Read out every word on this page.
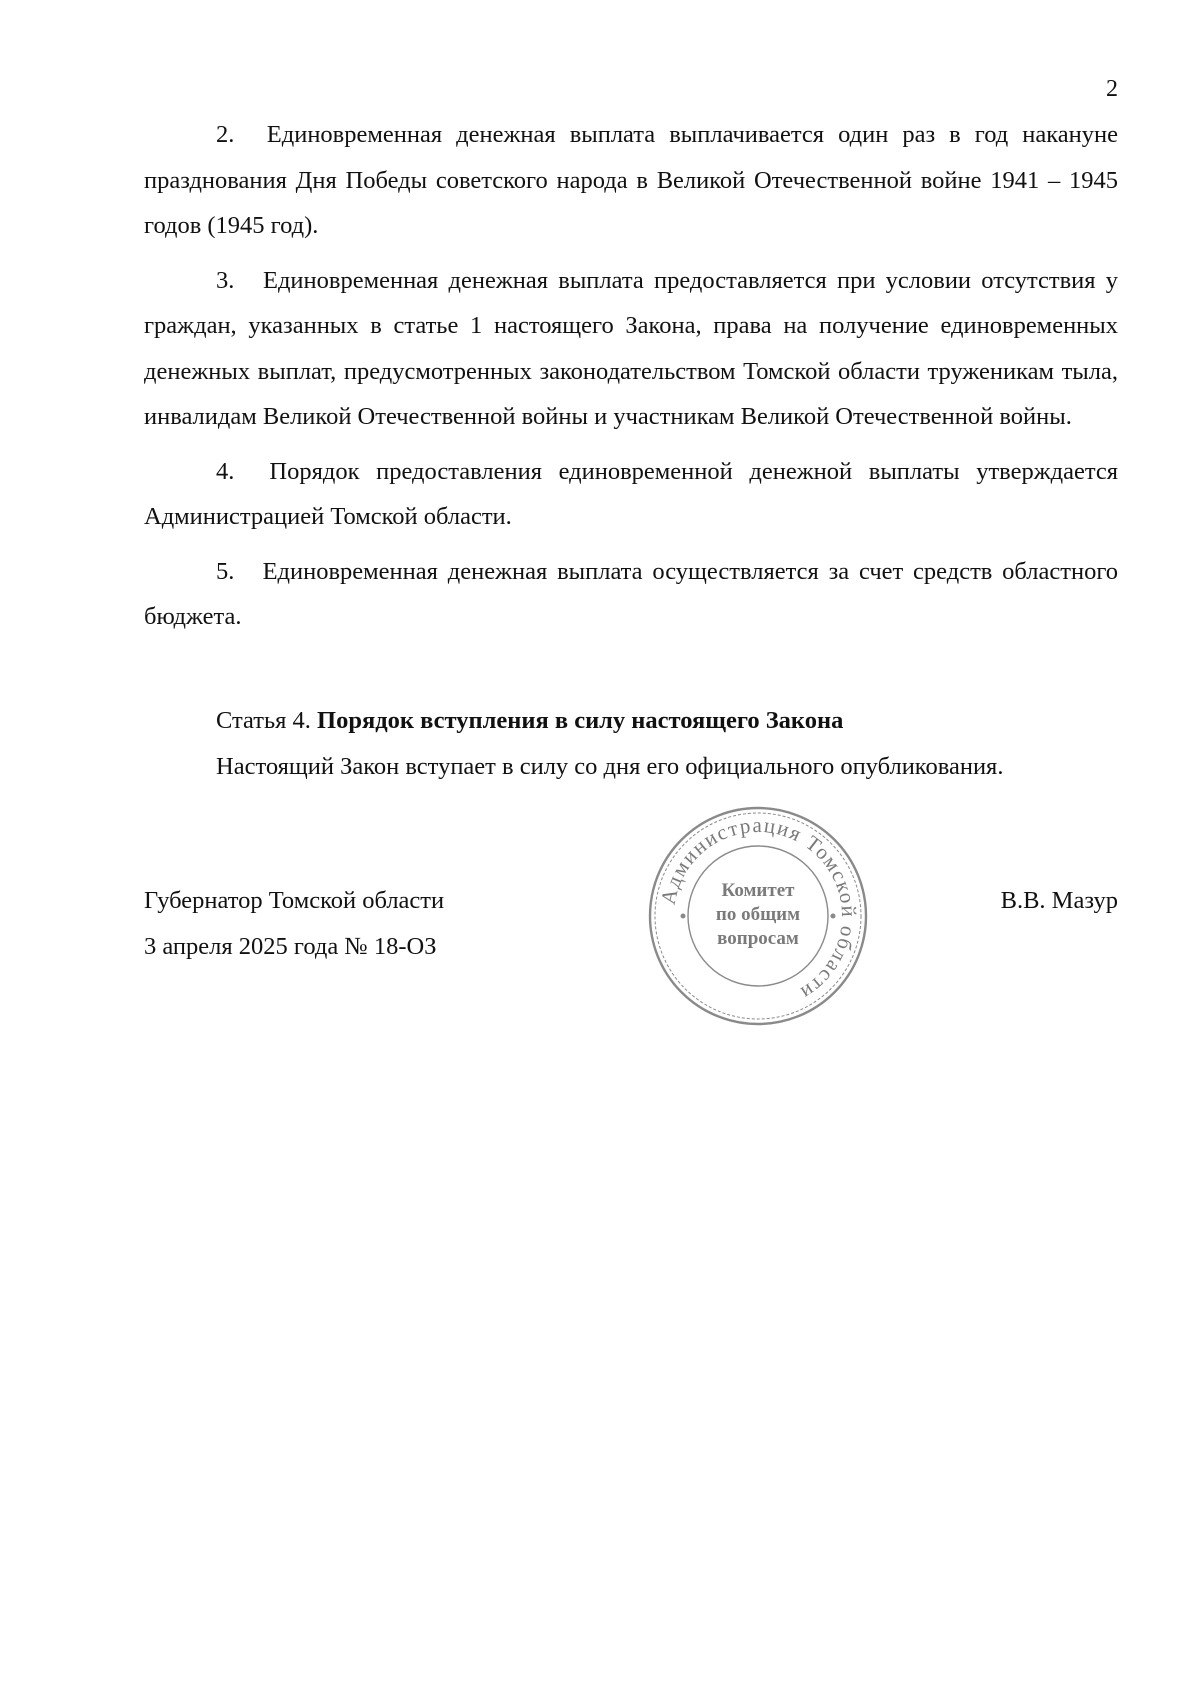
2

2. Единовременная денежная выплата выплачивается один раз в год накануне празднования Дня Победы советского народа в Великой Отечественной войне 1941 – 1945 годов (1945 год).

3. Единовременная денежная выплата предоставляется при условии отсутствия у граждан, указанных в статье 1 настоящего Закона, права на получение единовременных денежных выплат, предусмотренных законодательством Томской области труженикам тыла, инвалидам Великой Отечественной войны и участникам Великой Отечественной войны.

4. Порядок предоставления единовременной денежной выплаты утверждается Администрацией Томской области.

5. Единовременная денежная выплата осуществляется за счет средств областного бюджета.

Статья 4. Порядок вступления в силу настоящего Закона

Настоящий Закон вступает в силу со дня его официального опубликования.

Администрация Томской области
Комитет
по общим
вопросам

Губернатор Томской области

3 апреля 2025 года № 18-ОЗ

В.В. Мазур
